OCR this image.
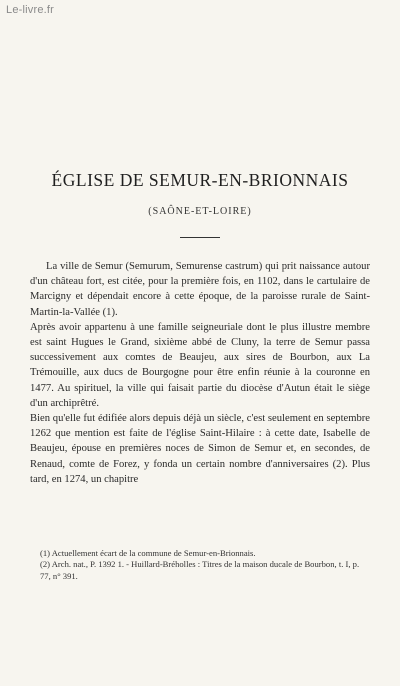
Le-livre.fr
ÉGLISE DE SEMUR-EN-BRIONNAIS
(SAÔNE-ET-LOIRE)

La ville de Semur (Semurum, Semurense castrum) qui prit naissance autour d'un château fort, est citée, pour la première fois, en 1102, dans le cartulaire de Marcigny et dépendait encore à cette époque, de la paroisse rurale de Saint-Martin-la-Vallée (1).

Après avoir appartenu à une famille seigneuriale dont le plus illustre membre est saint Hugues le Grand, sixième abbé de Cluny, la terre de Semur passa successivement aux comtes de Beaujeu, aux sires de Bourbon, aux La Trémouille, aux ducs de Bourgogne pour être enfin réunie à la couronne en 1477. Au spirituel, la ville qui faisait partie du diocèse d'Autun était le siège d'un archiprêtré.

Bien qu'elle fut édifiée alors depuis déjà un siècle, c'est seulement en septembre 1262 que mention est faite de l'église Saint-Hilaire : à cette date, Isabelle de Beaujeu, épouse en premières noces de Simon de Semur et, en secondes, de Renaud, comte de Forez, y fonda un certain nombre d'anniversaires (2). Plus tard, en 1274, un chapitre

(1) Actuellement écart de la commune de Semur-en-Brionnais.

(2) Arch. nat., P. 1392 1. - Huillard-Bréholles : Titres de la maison ducale de Bourbon, t. I, p. 77, n° 391.
